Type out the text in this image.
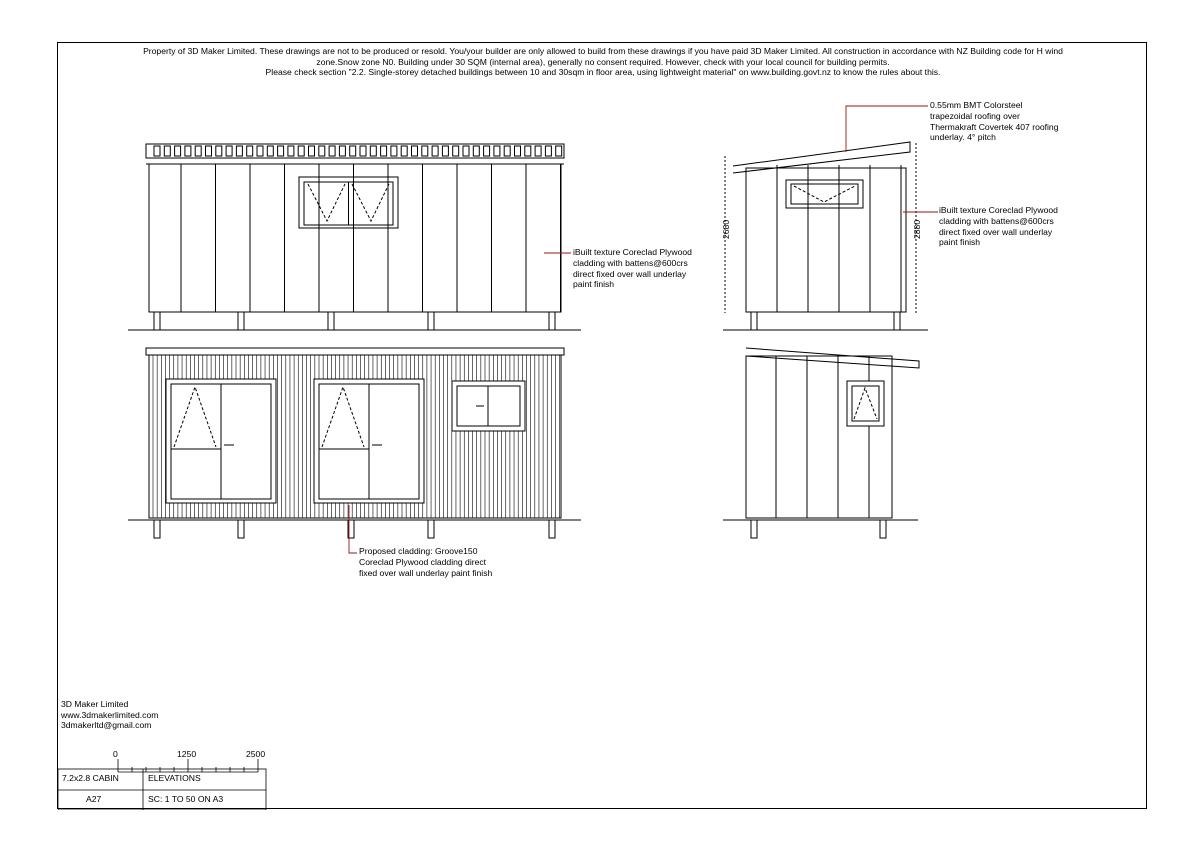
Property of 3D Maker Limited. These drawings are not to be produced or resold. You/your builder are only allowed to build from these drawings if you have paid 3D Maker Limited. All construction in accordance with NZ Building code for H wind
zone.Snow zone N0. Building under 30 SQM (internal area), generally no consent required. However, check with your local council for building permits.
Please check section "2.2. Single-storey detached buildings between 10 and 30sqm in floor area, using lightweight material" on www.building.govt.nz to know the rules about this.
0.55mm BMT Colorsteel
trapezoidal roofing over
Thermakraft Covertek 407 roofing
underlay. 4° pitch
iBuilt texture Coreclad Plywood
cladding with battens@600crs
direct fixed over wall underlay
paint finish
iBuilt texture Coreclad Plywood
cladding with battens@600crs
direct fixed over wall underlay
paint finish
Proposed cladding: Groove150
Coreclad Plywood cladding direct
fixed over wall underlay paint finish
2680	2880
3D Maker Limited
www.3dmakerlimited.com
3dmakerltd@gmail.com
0	1250	2500
7.2x2.8 CABIN	ELEVATIONS
A27	SC: 1 TO 50 ON A3
